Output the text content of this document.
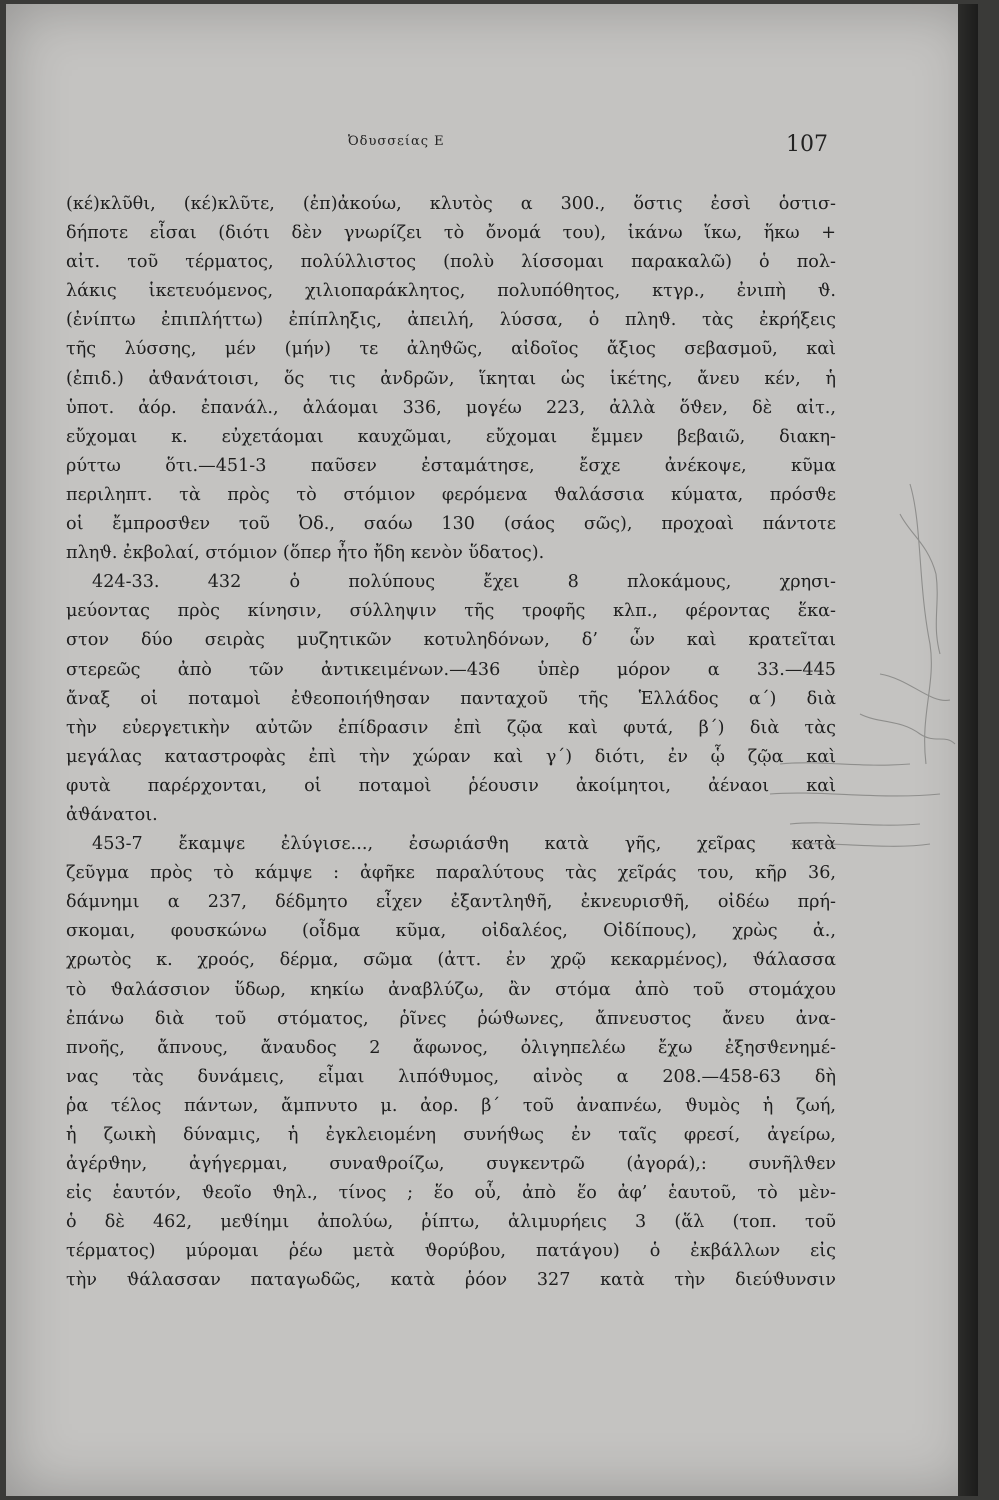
Ὀδυσσείας Ε	107
(κέ)κλῦθι, (κέ)κλῦτε, (ἐπ)ἀκούω, κλυτὸς α 300., ὅστις ἐσσὶ ὁστισ-
δήποτε εἶσαι (διότι δὲν γνωρίζει τὸ ὄνομά του), ἱκάνω ἵκω, ἥκω +
αἰτ. τοῦ τέρματος, πολύλλιστος (πολὺ λίσσομαι παρακαλῶ) ὁ πολ-
λάκις ἱκετευόμενος, χιλιοπαράκλητος, πολυπόθητος, κτγρ., ἐνιπὴ ϑ.
(ἐνίπτω ἐπιπλήττω) ἐπίπληξις, ἀπειλή, λύσσα, ὁ πληϑ. τὰς ἐκρήξεις
τῆς λύσσης, μέν (μήν) τε ἀληϑῶς, αἰδοῖος ἄξιος σεβασμοῦ, καὶ
(ἐπιδ.) ἀϑανάτοισι, ὅς τις ἀνδρῶν, ἵκηται ὡς ἱκέτης, ἄνευ κέν, ἡ
ὑποτ. ἀόρ. ἐπανάλ., ἀλάομαι 336, μογέω 223, ἀλλὰ ὅϑεν, δὲ αἰτ.,
εὔχομαι κ. εὐχετάομαι καυχῶμαι, εὔχομαι ἔμμεν βεβαιῶ, διακη-
ρύττω ὅτι.—451-3 παῦσεν ἐσταμάτησε, ἔσχε ἀνέκοψε, κῦμα
περιληπτ. τὰ πρὸς τὸ στόμιον φερόμενα ϑαλάσσια κύματα, πρόσϑε
οἱ ἔμπροσϑεν τοῦ Ὀδ., σαόω 130 (σάος σῶς), προχοαὶ πάντοτε
πληϑ. ἐκβολαί, στόμιον (ὅπερ ἦτο ἤδη κενὸν ὕδατος).
424-33. 432 ὁ πολύπους ἔχει 8 πλοκάμους, χρησι-
μεύοντας πρὸς κίνησιν, σύλληψιν τῆς τροφῆς κλπ., φέροντας ἕκα-
στον δύο σειρὰς μυζητικῶν κοτυληδόνων, δ’ ὧν καὶ κρατεῖται
στερεῶς ἀπὸ τῶν ἀντικειμένων.—436 ὑπὲρ μόρον α 33.—445
ἄναξ οἱ ποταμοὶ ἐϑεοποιήϑησαν πανταχοῦ τῆς Ἑλλάδος α΄) διὰ
τὴν εὐεργετικὴν αὐτῶν ἐπίδρασιν ἐπὶ ζῷα καὶ φυτά, β΄) διὰ τὰς
μεγάλας καταστροφὰς ἐπὶ τὴν χώραν καὶ γ΄) διότι, ἐν ᾧ ζῷα καὶ
φυτὰ παρέρχονται, οἱ ποταμοὶ ῥέουσιν ἀκοίμητοι, ἀέναοι καὶ
ἀϑάνατοι.
453-7 ἔκαμψε ἐλύγισε..., ἐσωριάσϑη κατὰ γῆς, χεῖρας κατὰ
ζεῦγμα πρὸς τὸ κάμψε : ἀφῆκε παραλύτους τὰς χεῖράς του, κῆρ 36,
δάμνημι α 237, δέδμητο εἶχεν ἐξαντληϑῆ, ἐκνευρισϑῆ, οἰδέω πρή-
σκομαι, φουσκώνω (οἶδμα κῦμα, οἰδαλέος, Οἰδίπους), χρὼς ἀ.,
χρωτὸς κ. χροός, δέρμα, σῶμα (ἀττ. ἐν χρῷ κεκαρμένος), ϑάλασσα
τὸ ϑαλάσσιον ὕδωρ, κηκίω ἀναβλύζω, ἂν στόμα ἀπὸ τοῦ στομάχου
ἐπάνω διὰ τοῦ στόματος, ῥῖνες ῥώϑωνες, ἄπνευστος ἄνευ ἀνα-
πνοῆς, ἄπνους, ἄναυδος 2 ἄφωνος, ὀλιγηπελέω ἔχω ἐξησϑενημέ-
νας τὰς δυνάμεις, εἶμαι λιπόϑυμος, αἰνὸς α 208.—458-63 δὴ
ῥα τέλος πάντων, ἄμπνυτο μ. ἀορ. β΄ τοῦ ἀναπνέω, ϑυμὸς ἡ ζωή,
ἡ ζωικὴ δύναμις, ἡ ἐγκλειομένη συνήϑως ἐν ταῖς φρεσί, ἀγείρω,
ἀγέρϑην, ἀγήγερμαι, συναϑροίζω, συγκεντρῶ (ἀγορά),: συνῆλϑεν
εἰς ἑαυτόν, ϑεοῖο ϑηλ., τίνος ; ἕο οὗ, ἀπὸ ἕο ἀφ’ ἑαυτοῦ, τὸ μὲν-
ὁ δὲ 462, μεϑίημι ἀπολύω, ῥίπτω, ἁλιμυρήεις 3 (ἅλ (τοπ. τοῦ
τέρματος) μύρομαι ῥέω μετὰ ϑορύβου, πατάγου) ὁ ἐκβάλλων εἰς
τὴν ϑάλασσαν παταγωδῶς, κατὰ ῥόον 327 κατὰ τὴν διεύϑυνσιν
